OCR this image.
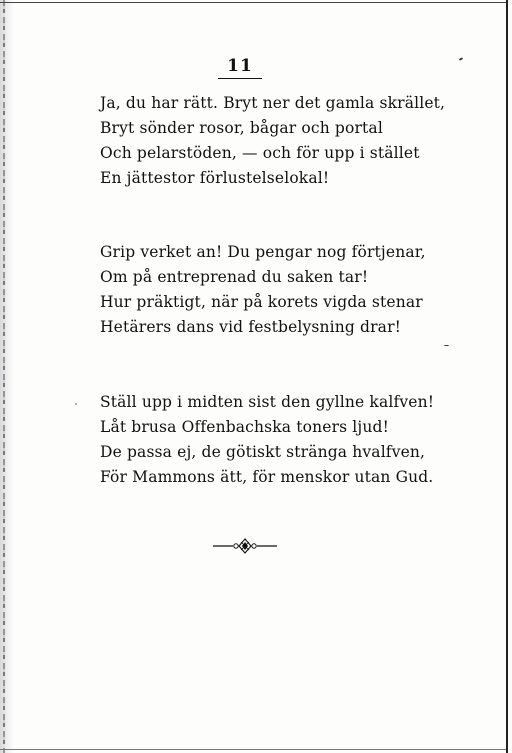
11
Ja, du har rätt. Bryt ner det gamla skrället,
Bryt sönder rosor, bågar och portal
Och pelarstöden, — och för upp i stället
En jättestor förlustelselokal!
Grip verket an! Du pengar nog förtjenar,
Om på entreprenad du saken tar!
Hur präktigt, när på korets vigda stenar
Hetärers dans vid festbelysning drar!
Ställ upp i midten sist den gyllne kalfven!
Låt brusa Offenbachska toners ljud!
De passa ej, de götiskt stränga hvalfven,
För Mammons ätt, för menskor utan Gud.
